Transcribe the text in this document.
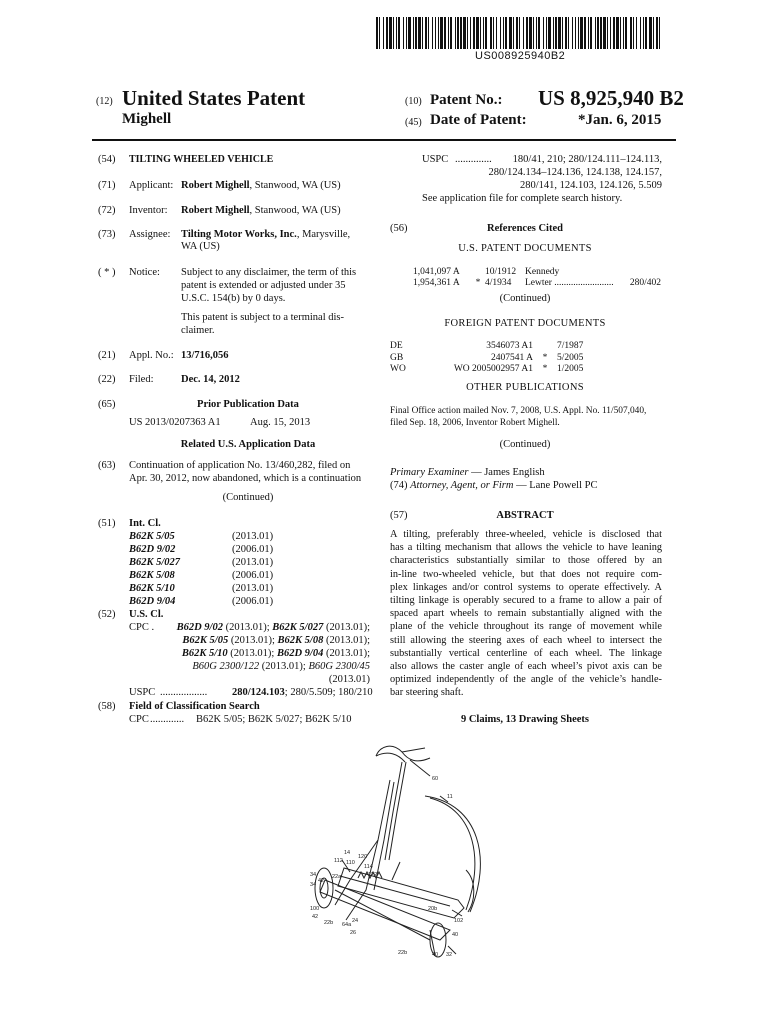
US008925940B2
(12) United States Patent
Mighell
(10) Patent No.: US 8,925,940 B2
(45) Date of Patent:	*Jan. 6, 2015
(54) TILTING WHEELED VEHICLE
(71) Applicant: Robert Mighell, Stanwood, WA (US)
(72) Inventor: Robert Mighell, Stanwood, WA (US)
(73) Assignee: Tilting Motor Works, Inc., Marysville,
WA (US)
( * ) Notice: Subject to any disclaimer, the term of this
patent is extended or adjusted under 35
U.S.C. 154(b) by 0 days.
This patent is subject to a terminal dis-
claimer.
(21) Appl. No.: 13/716,056
(22) Filed:	Dec. 14, 2012
(65)	Prior Publication Data
US 2013/0207363 A1	Aug. 15, 2013
Related U.S. Application Data
(63) Continuation of application No. 13/460,282, filed on
Apr. 30, 2012, now abandoned, which is a continuation
(Continued)
(51) Int. Cl.
B62K 5/05	(2013.01)
B62D 9/02	(2006.01)
B62K 5/027	(2013.01)
B62K 5/08	(2006.01)
B62K 5/10	(2013.01)
B62D 9/04	(2006.01)
(52) U.S. Cl.
CPC .	B62D 9/02 (2013.01); B62K 5/027 (2013.01);
B62K 5/05 (2013.01); B62K 5/08 (2013.01);
B62K 5/10 (2013.01); B62D 9/04 (2013.01);
B60G 2300/122 (2013.01); B60G 2300/45
(2013.01)
USPC .................. 280/124.103; 280/5.509; 180/210
(58) Field of Classification Search
CPC ............. B62K 5/05; B62K 5/027; B62K 5/10
USPC ..............	180/41, 210; 280/124.111–124.113,
280/124.134–124.136, 124.138, 124.157,
280/141, 124.103, 124.126, 5.509
See application file for complete search history.
(56)	References Cited
U.S. PATENT DOCUMENTS
1,041,097 A	10/1912 Kennedy
1,954,361 A * 4/1934 Lewter ......................... 280/402
(Continued)
FOREIGN PATENT DOCUMENTS
DE	3546073 A1	7/1987
GB	2407541 A * 5/2005
WO	WO 2005002957 A1 * 1/2005
OTHER PUBLICATIONS
Final Office action mailed Nov. 7, 2008, U.S. Appl. No. 11/507,040,
filed Sep. 18, 2006, Inventor Robert Mighell.
(Continued)
Primary Examiner — James English
(74) Attorney, Agent, or Firm — Lane Powell PC
(57)	ABSTRACT
A tilting, preferably three-wheeled, vehicle is disclosed that
has a tilting mechanism that allows the vehicle to have leaning
characteristics substantially similar to those offered by an
in-line two-wheeled vehicle, but that does not require com-
plex linkages and/or control systems to operate effectively. A
tilting linkage is operably secured to a frame to allow a pair of
spaced apart wheels to remain substantially aligned with the
plane of the vehicle throughout its range of movement while
still allowing the steering axes of each wheel to intersect the
substantially vertical centerline of each wheel. The linkage
also allows the caster angle of each wheel’s pivot axis can be
optimized independently of the angle of the vehicle’s handle-
bar steering shaft.
9 Claims, 13 Drawing Sheets
60
11
14
112 110
120
114
122
34
42
22a
34
20b
100
102
42
22b 64a
24
26	40
22b	40 32
